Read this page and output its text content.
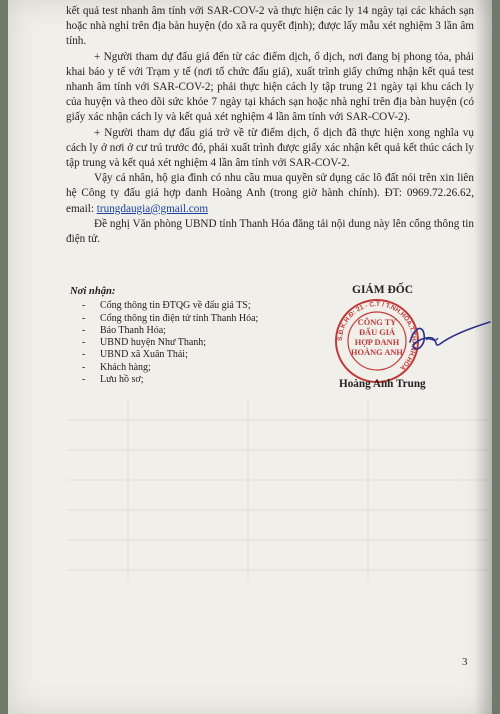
kết quả test nhanh âm tính với SAR-COV-2 và thực hiện các ly 14 ngày tại các khách sạn hoặc nhà nghỉ trên địa bàn huyện (do xã ra quyết định); được lấy mẫu xét nghiệm 3 lần âm tính.

+ Người tham dự đấu giá đến từ các điểm dịch, ổ dịch, nơi đang bị phong tỏa, phải khai báo y tế với Trạm y tế (nơi tổ chức đấu giá), xuất trình giấy chứng nhận kết quả test nhanh âm tính với SAR-COV-2; phải thực hiện cách ly tập trung 21 ngày tại khu cách ly của huyện và theo dõi sức khỏe 7 ngày tại khách sạn hoặc nhà nghỉ trên địa bàn huyện (có giấy xác nhận cách ly và kết quả xét nghiệm 4 lần âm tính với SAR-COV-2).

+ Người tham dự đấu giá trở về từ điểm dịch, ổ dịch đã thực hiện xong nghĩa vụ cách ly ở nơi ở cư trú trước đó, phải xuất trình được giấy xác nhận kết quả kết thúc cách ly tập trung và kết quả xét nghiệm 4 lần âm tính với SAR-COV-2.

Vậy cá nhân, hộ gia đình có nhu cầu mua quyền sử dụng các lô đất nói trên xin liên hệ Công ty đấu giá hợp danh Hoàng Anh (trong giờ hành chính). ĐT: 0969.72.26.62, email: trungdaugia@gmail.com

Đề nghị Văn phòng UBND tỉnh Thanh Hóa đăng tải nội dung này lên cổng thông tin điện tử.

Nơi nhận:
- Cổng thông tin ĐTQG về đấu giá TS;
- Cổng thông tin điện tử tỉnh Thanh Hóa;
- Báo Thanh Hóa;
- UBND huyện Như Thanh;
- UBND xã Xuân Thái;
- Khách hàng;
- Lưu hồ sơ;
GIÁM ĐỐC
S.Đ.K.H.Đ: 21 - C.T / T.NH.HÓA.T.THANH.HÓA
CÔNG TY
ĐẤU GIÁ
HỢP DANH
HOÀNG ANH
Hoàng Anh Trung
3
